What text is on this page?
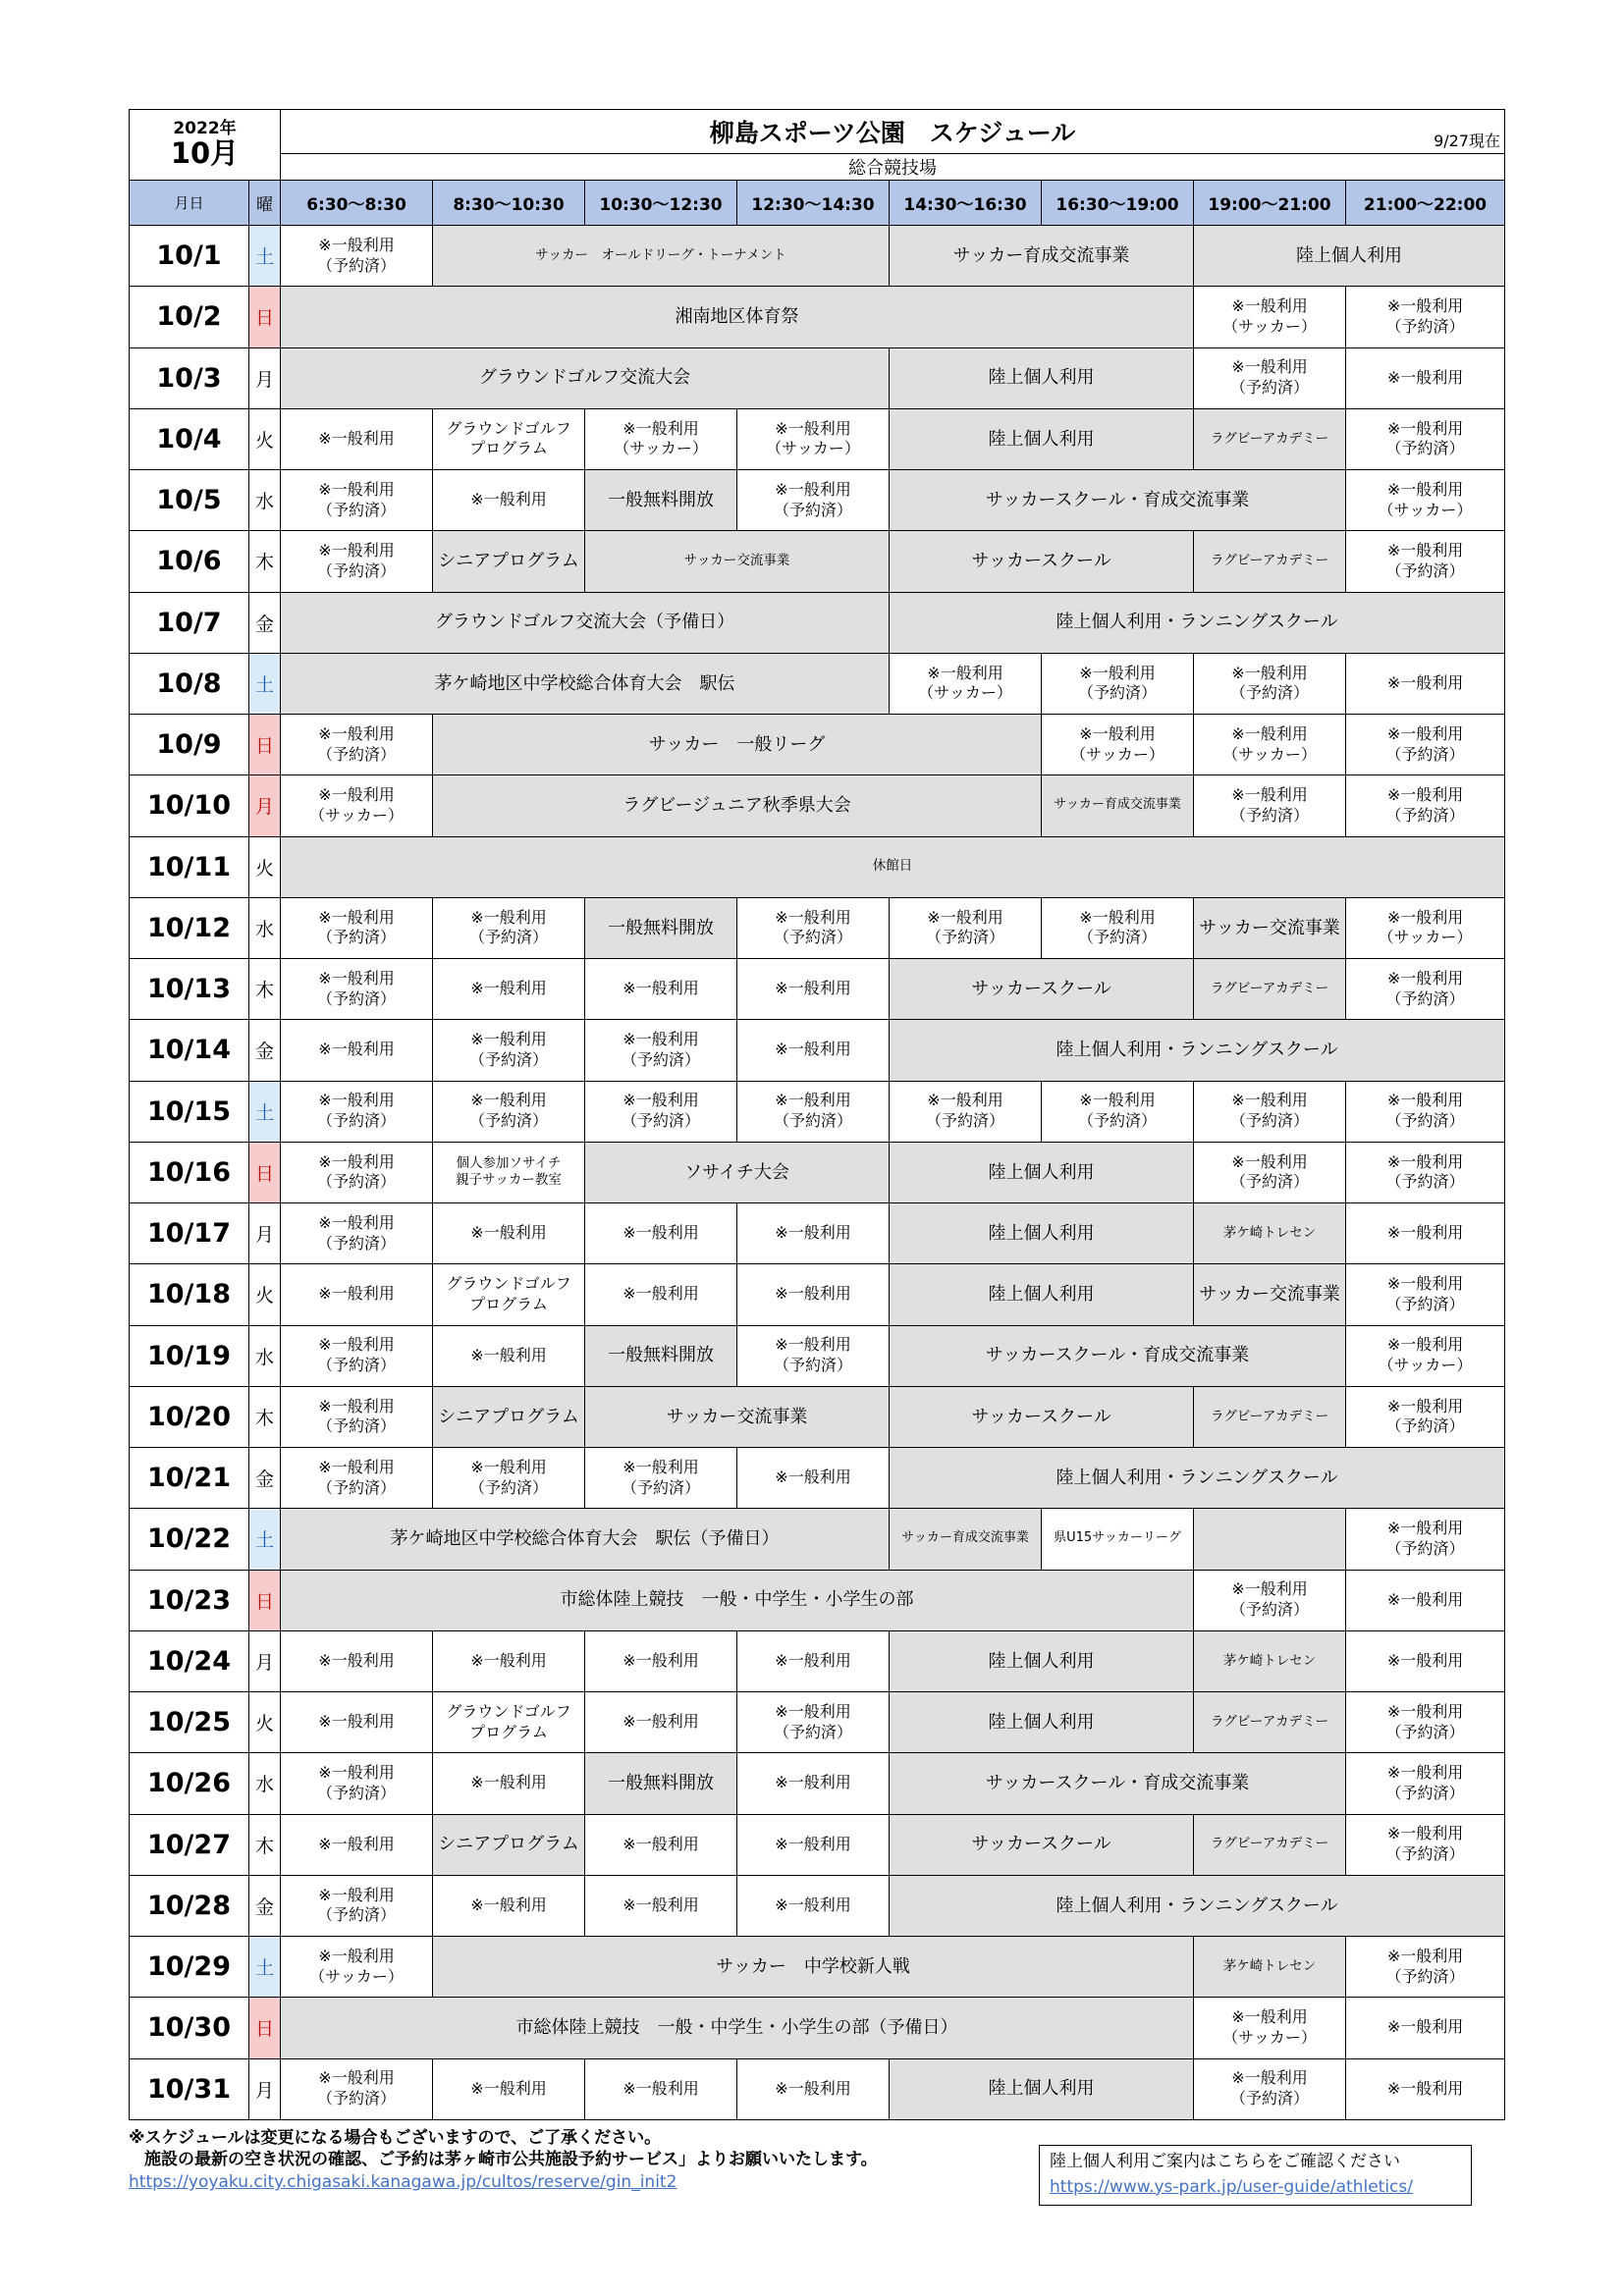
2022年
10月		柳島スポーツ公園　スケジュール 9/27現在							

		総合競技場							
月日	曜	6:30～8:30	8:30～10:30	10:30～12:30	12:30～14:30	14:30～16:30	16:30～19:00	19:00～21:00	21:00～22:00
10/1	土	※一般利用
（予約済）	サッカー　オールドリーグ・トーナメント			サッカー育成交流事業		陸上個人利用	
10/2	日	湘南地区体育祭						※一般利用
（サッカー）	※一般利用
（予約済）
10/3	月	グラウンドゴルフ交流大会				陸上個人利用		※一般利用
（予約済）	※一般利用
10/4	火	※一般利用	グラウンドゴルフ
プログラム	※一般利用
（サッカー）	※一般利用
（サッカー）	陸上個人利用		ラグビーアカデミー	※一般利用
（予約済）
10/5	水	※一般利用
（予約済）	※一般利用	一般無料開放	※一般利用
（予約済）	サッカースクール・育成交流事業			※一般利用
（サッカー）
10/6	木	※一般利用
（予約済）	シニアプログラム	サッカー交流事業		サッカースクール		ラグビーアカデミー	※一般利用
（予約済）
10/7	金	グラウンドゴルフ交流大会（予備日）				陸上個人利用・ランニングスクール			
10/8	土	茅ケ崎地区中学校総合体育大会　駅伝				※一般利用
（サッカー）	※一般利用
（予約済）	※一般利用
（予約済）	※一般利用
10/9	日	※一般利用
（予約済）	サッカー　一般リーグ				※一般利用
（サッカー）	※一般利用
（サッカー）	※一般利用
（予約済）
10/10	月	※一般利用
（サッカー）	ラグビージュニア秋季県大会				サッカー育成交流事業	※一般利用
（予約済）	※一般利用
（予約済）
10/11	火	休館日							
10/12	水	※一般利用
（予約済）	※一般利用
（予約済）	一般無料開放	※一般利用
（予約済）	※一般利用
（予約済）	※一般利用
（予約済）	サッカー交流事業	※一般利用
（サッカー）
10/13	木	※一般利用
（予約済）	※一般利用	※一般利用	※一般利用	サッカースクール		ラグビーアカデミー	※一般利用
（予約済）
10/14	金	※一般利用	※一般利用
（予約済）	※一般利用
（予約済）	※一般利用	陸上個人利用・ランニングスクール			
10/15	土	※一般利用
（予約済）	※一般利用
（予約済）	※一般利用
（予約済）	※一般利用
（予約済）	※一般利用
（予約済）	※一般利用
（予約済）	※一般利用
（予約済）	※一般利用
（予約済）
10/16	日	※一般利用
（予約済）	個人参加ソサイチ
親子サッカー教室	ソサイチ大会		陸上個人利用		※一般利用
（予約済）	※一般利用
（予約済）
10/17	月	※一般利用
（予約済）	※一般利用	※一般利用	※一般利用	陸上個人利用		茅ケ崎トレセン	※一般利用
10/18	火	※一般利用	グラウンドゴルフ
プログラム	※一般利用	※一般利用	陸上個人利用		サッカー交流事業	※一般利用
（予約済）
10/19	水	※一般利用
（予約済）	※一般利用	一般無料開放	※一般利用
（予約済）	サッカースクール・育成交流事業			※一般利用
（サッカー）
10/20	木	※一般利用
（予約済）	シニアプログラム	サッカー交流事業		サッカースクール		ラグビーアカデミー	※一般利用
（予約済）
10/21	金	※一般利用
（予約済）	※一般利用
（予約済）	※一般利用
（予約済）	※一般利用	陸上個人利用・ランニングスクール			
10/22	土	茅ケ崎地区中学校総合体育大会　駅伝（予備日）				サッカー育成交流事業	県U15サッカーリーグ		※一般利用
（予約済）
10/23	日	市総体陸上競技　一般・中学生・小学生の部						※一般利用
（予約済）	※一般利用
10/24	月	※一般利用	※一般利用	※一般利用	※一般利用	陸上個人利用		茅ケ崎トレセン	※一般利用
10/25	火	※一般利用	グラウンドゴルフ
プログラム	※一般利用	※一般利用
（予約済）	陸上個人利用		ラグビーアカデミー	※一般利用
（予約済）
10/26	水	※一般利用
（予約済）	※一般利用	一般無料開放	※一般利用	サッカースクール・育成交流事業			※一般利用
（予約済）
10/27	木	※一般利用	シニアプログラム	※一般利用	※一般利用	サッカースクール		ラグビーアカデミー	※一般利用
（予約済）
10/28	金	※一般利用
（予約済）	※一般利用	※一般利用	※一般利用	陸上個人利用・ランニングスクール			
10/29	土	※一般利用
（サッカー）	サッカー　中学校新人戦					茅ケ崎トレセン	※一般利用
（予約済）
10/30	日	市総体陸上競技　一般・中学生・小学生の部（予備日）						※一般利用
（サッカー）	※一般利用
10/31	月	※一般利用
（予約済）	※一般利用	※一般利用	※一般利用	陸上個人利用		※一般利用
（予約済）	※一般利用
※スケジュールは変更になる場合もございますので、ご了承ください。
施設の最新の空き状況の確認、ご予約は茅ヶ崎市公共施設予約サービス」よりお願いいたします。
https://yoyaku.city.chigasaki.kanagawa.jp/cultos/reserve/gin_init2
陸上個人利用ご案内はこちらをご確認ください
https://www.ys-park.jp/user-guide/athletics/
